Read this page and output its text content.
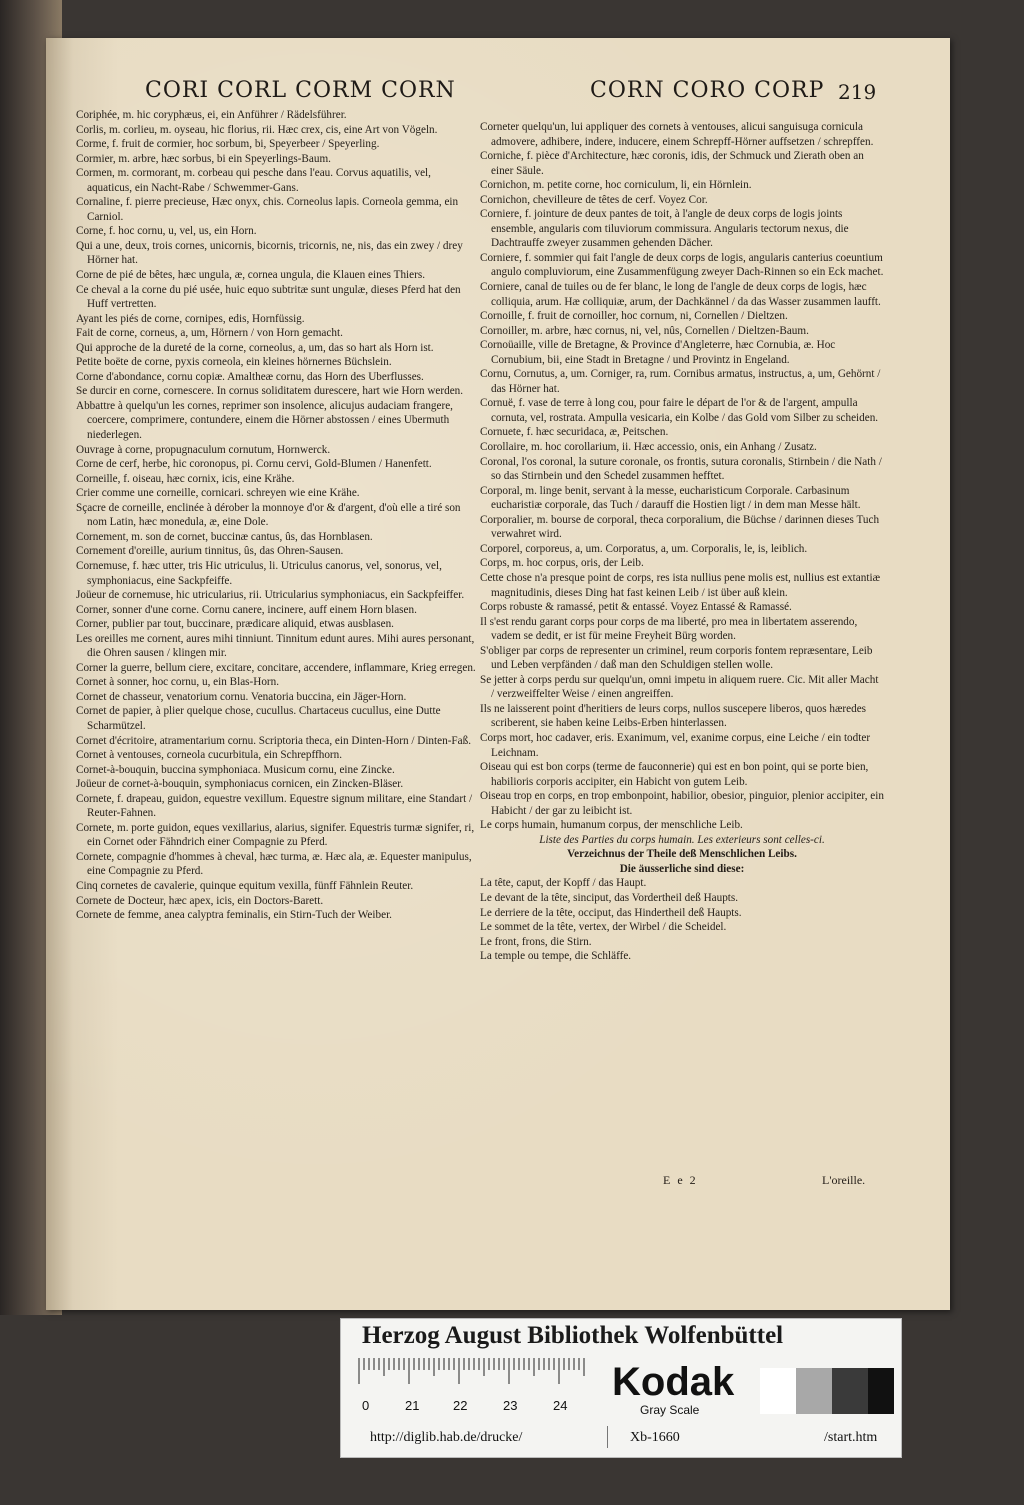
CORI CORL CORM CORN	CORN CORO CORP 219

Coriphée, m. hic coryphæus, ei, ein Anführer / Rädelsführer.

Corlis, m. corlieu, m. oyseau, hic florius, rii. Hæc crex, cis, eine Art von Vögeln.

Corme, f. fruit de cormier, hoc sorbum, bi, Speyerbeer / Speyerling.

Cormier, m. arbre, hæc sorbus, bi ein Speyerlings-Baum.

Cormen, m. cormorant, m. corbeau qui pesche dans l'eau. Corvus aquatilis, vel, aquaticus, ein Nacht-Rabe / Schwemmer-Gans.

Cornaline, f. pierre precieuse, Hæc onyx, chis. Corneolus lapis. Corneola gemma, ein Carniol.

Corne, f. hoc cornu, u, vel, us, ein Horn.

Qui a une, deux, trois cornes, unicornis, bicornis, tricornis, ne, nis, das ein zwey / drey Hörner hat.

Corne de pié de bêtes, hæc ungula, æ, cornea ungula, die Klauen eines Thiers.

Ce cheval a la corne du pié usée, huic equo subtritæ sunt ungulæ, dieses Pferd hat den Huff vertretten.

Ayant les piés de corne, cornipes, edis, Hornfüssig.

Fait de corne, corneus, a, um, Hörnern / von Horn gemacht.

Qui approche de la dureté de la corne, corneolus, a, um, das so hart als Horn ist.

Petite boëte de corne, pyxis corneola, ein kleines hörnernes Büchslein.

Corne d'abondance, cornu copiæ. Amaltheæ cornu, das Horn des Uberflusses.

Se durcir en corne, cornescere. In cornus soliditatem durescere, hart wie Horn werden.

Abbattre à quelqu'un les cornes, reprimer son insolence, alicujus audaciam frangere, coercere, comprimere, contundere, einem die Hörner abstossen / eines Ubermuth niederlegen.

Ouvrage à corne, propugnaculum cornutum, Hornwerck.

Corne de cerf, herbe, hic coronopus, pi. Cornu cervi, Gold-Blumen / Hanenfett.

Corneille, f. oiseau, hæc cornix, icis, eine Krähe.

Crier comme une corneille, cornicari. schreyen wie eine Krähe.

Sçacre de corneille, enclinée à dérober la monnoye d'or & d'argent, d'où elle a tiré son nom Latin, hæc monedula, æ, eine Dole.

Cornement, m. son de cornet, buccinæ cantus, ûs, das Hornblasen.

Cornement d'oreille, aurium tinnitus, ûs, das Ohren-Sausen.

Cornemuse, f. hæc utter, tris Hic utriculus, li. Utriculus canorus, vel, sonorus, vel, symphoniacus, eine Sackpfeiffe.

Joüeur de cornemuse, hic utricularius, rii. Utricularius symphoniacus, ein Sackpfeiffer.

Corner, sonner d'une corne. Cornu canere, incinere, auff einem Horn blasen.

Corner, publier par tout, buccinare, prædicare aliquid, etwas ausblasen.

Les oreilles me cornent, aures mihi tinniunt. Tinnitum edunt aures. Mihi aures personant, die Ohren sausen / klingen mir.

Corner la guerre, bellum ciere, excitare, concitare, accendere, inflammare, Krieg erregen.

Cornet à sonner, hoc cornu, u, ein Blas-Horn.

Cornet de chasseur, venatorium cornu. Venatoria buccina, ein Jäger-Horn.

Cornet de papier, à plier quelque chose, cucullus. Chartaceus cucullus, eine Dutte Scharmützel.

Cornet d'écritoire, atramentarium cornu. Scriptoria theca, ein Dinten-Horn / Dinten-Faß.

Cornet à ventouses, corneola cucurbitula, ein Schrepffhorn.

Cornet-à-bouquin, buccina symphoniaca. Musicum cornu, eine Zincke.

Joüeur de cornet-à-bouquin, symphoniacus cornicen, ein Zincken-Bläser.

Cornete, f. drapeau, guidon, equestre vexillum. Equestre signum militare, eine Standart / Reuter-Fahnen.

Cornete, m. porte guidon, eques vexillarius, alarius, signifer. Equestris turmæ signifer, ri, ein Cornet oder Fähndrich einer Compagnie zu Pferd.

Cornete, compagnie d'hommes à cheval, hæc turma, æ. Hæc ala, æ. Equester manipulus, eine Compagnie zu Pferd.

Cinq cornetes de cavalerie, quinque equitum vexilla, fünff Fähnlein Reuter.

Cornete de Docteur, hæc apex, icis, ein Doctors-Barett.

Cornete de femme, anea calyptra feminalis, ein Stirn-Tuch der Weiber.

Corneter quelqu'un, lui appliquer des cornets à ventouses, alicui sanguisuga cornicula admovere, adhibere, indere, inducere, einem Schrepff-Hörner auffsetzen / schrepffen.

Corniche, f. pièce d'Architecture, hæc coronis, idis, der Schmuck und Zierath oben an einer Säule.

Cornichon, m. petite corne, hoc corniculum, li, ein Hörnlein.

Cornichon, chevilleure de têtes de cerf. Voyez Cor.

Corniere, f. jointure de deux pantes de toit, à l'angle de deux corps de logis joints ensemble, angularis com tiluviorum commissura. Angularis tectorum nexus, die Dachtrauffe zweyer zusammen gehenden Dächer.

Corniere, f. sommier qui fait l'angle de deux corps de logis, angularis canterius coeuntium angulo compluviorum, eine Zusammenfügung zweyer Dach-Rinnen so ein Eck machet.

Corniere, canal de tuiles ou de fer blanc, le long de l'angle de deux corps de logis, hæc colliquia, arum. Hæ colliquiæ, arum, der Dachkännel / da das Wasser zusammen laufft.

Cornoille, f. fruit de cornoiller, hoc cornum, ni, Cornellen / Dieltzen.

Cornoiller, m. arbre, hæc cornus, ni, vel, nûs, Cornellen / Dieltzen-Baum.

Cornoüaille, ville de Bretagne, & Province d'Angleterre, hæc Cornubia, æ. Hoc Cornubium, bii, eine Stadt in Bretagne / und Provintz in Engeland.

Cornu, Cornutus, a, um. Corniger, ra, rum. Cornibus armatus, instructus, a, um, Gehörnt / das Hörner hat.

Cornuë, f. vase de terre à long cou, pour faire le départ de l'or & de l'argent, ampulla cornuta, vel, rostrata. Ampulla vesicaria, ein Kolbe / das Gold vom Silber zu scheiden.

Cornuete, f. hæc securidaca, æ, Peitschen.

Corollaire, m. hoc corollarium, ii. Hæc accessio, onis, ein Anhang / Zusatz.

Coronal, l'os coronal, la suture coronale, os frontis, sutura coronalis, Stirnbein / die Nath / so das Stirnbein und den Schedel zusammen hefftet.

Corporal, m. linge benit, servant à la messe, eucharisticum Corporale. Carbasinum eucharistiæ corporale, das Tuch / darauff die Hostien ligt / in dem man Messe hält.

Corporalier, m. bourse de corporal, theca corporalium, die Büchse / darinnen dieses Tuch verwahret wird.

Corporel, corporeus, a, um. Corporatus, a, um. Corporalis, le, is, leiblich.

Corps, m. hoc corpus, oris, der Leib.

Cette chose n'a presque point de corps, res ista nullius pene molis est, nullius est extantiæ magnitudinis, dieses Ding hat fast keinen Leib / ist über auß klein.

Corps robuste & ramassé, petit & entassé. Voyez Entassé & Ramassé.

Il s'est rendu garant corps pour corps de ma liberté, pro mea in libertatem asserendo, vadem se dedit, er ist für meine Freyheit Bürg worden.

S'obliger par corps de representer un criminel, reum corporis fontem repræsentare, Leib und Leben verpfänden / daß man den Schuldigen stellen wolle.

Se jetter à corps perdu sur quelqu'un, omni impetu in aliquem ruere. Cic. Mit aller Macht / verzweiffelter Weise / einen angreiffen.

Ils ne laisserent point d'heritiers de leurs corps, nullos suscepere liberos, quos hæredes scriberent, sie haben keine Leibs-Erben hinterlassen.

Corps mort, hoc cadaver, eris. Exanimum, vel, exanime corpus, eine Leiche / ein todter Leichnam.

Oiseau qui est bon corps (terme de fauconnerie) qui est en bon point, qui se porte bien, habilioris corporis accipiter, ein Habicht von gutem Leib.

Oiseau trop en corps, en trop embonpoint, habilior, obesior, pinguior, plenior accipiter, ein Habicht / der gar zu leibicht ist.

Le corps humain, humanum corpus, der menschliche Leib.

Liste des Parties du corps humain. Les exterieurs sont celles-ci.

Verzeichnus der Theile deß Menschlichen Leibs.

Die äusserliche sind diese:

La tête, caput, der Kopff / das Haupt.

Le devant de la tête, sinciput, das Vordertheil deß Haupts.

Le derriere de la tête, occiput, das Hindertheil deß Haupts.

Le sommet de la tête, vertex, der Wirbel / die Scheidel.

Le front, frons, die Stirn.

La temple ou tempe, die Schläffe.

E e 2	L'oreille.
Herzog August Bibliothek Wolfenbüttel
0	21	22	23	24
Kodak
Gray Scale
http://diglib.hab.de/drucke/	Xb-1660	/start.htm
